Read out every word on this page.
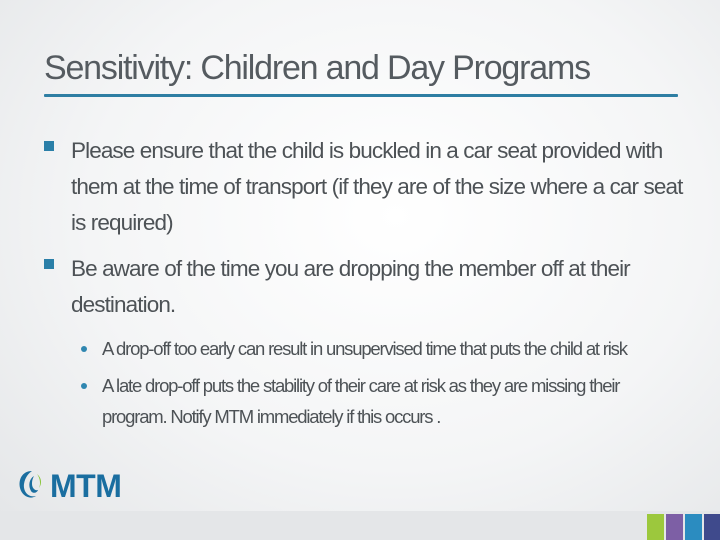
Sensitivity: Children and Day Programs
Please ensure that the child is buckled in a car seat provided with them at the time of transport (if they are of the size where a car seat is required)
Be aware of the time you are dropping the member off at their destination.
A drop-off too early can result in unsupervised time that puts the child at risk
A late drop-off puts the stability of their care at risk as they are missing their program. Notify MTM immediately if this occurs .
MTM
